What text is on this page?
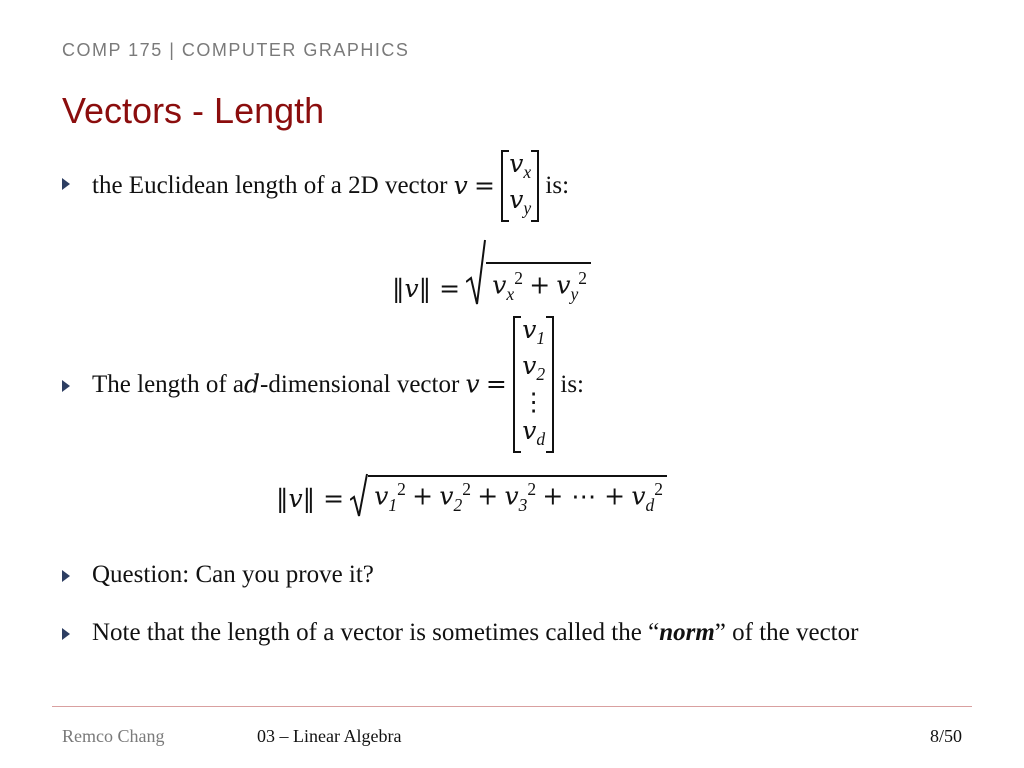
COMP 175 | COMPUTER GRAPHICS
Vectors - Length
the Euclidean length of a 2D vector v =
$v_x$
$v_y$
is:
‖v‖ = $v_x^2 + v_y^2$
The length of ad-dimensional vector v =
$v_1$
$v_2$
⋮
$v_d$
is:
‖v‖ = $v_1^2 + v_2^2 + v_3^2$ + ⋯ + $v_d^2$
Question: Can you prove it?
Note that the length of a vector is sometimes called the “norm” of the vector
Remco Chang	03 – Linear Algebra	8/50
